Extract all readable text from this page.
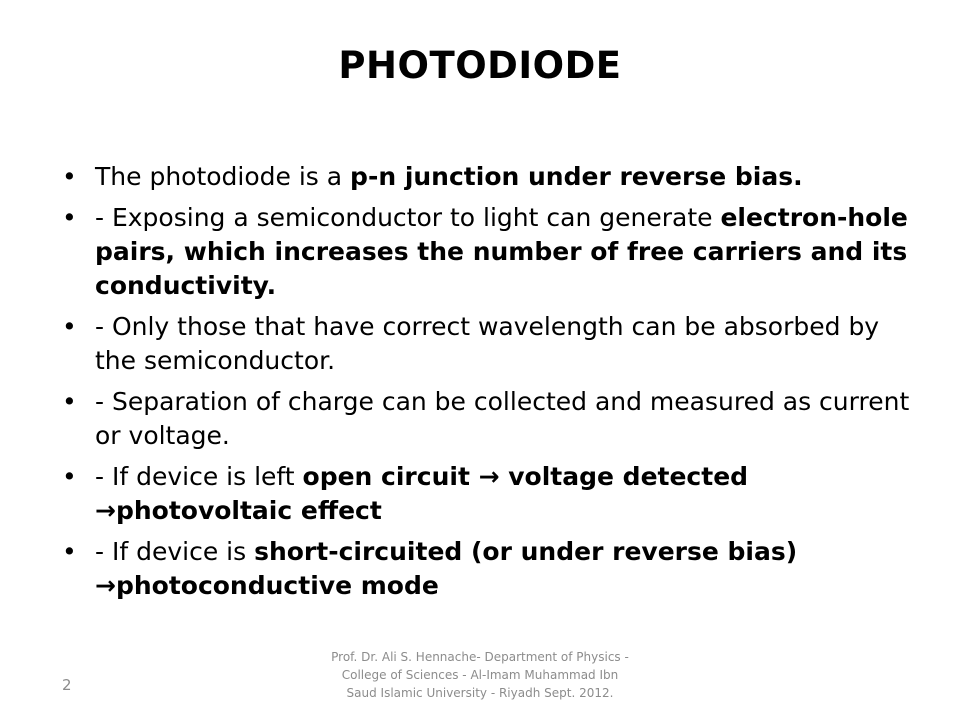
PHOTODIODE
• The photodiode is a p-n junction under reverse bias.
• - Exposing a semiconductor to light can generate electron-hole pairs, which increases the number of free carriers and its conductivity.
• - Only those that have correct wavelength can be absorbed by the semiconductor.
• - Separation of charge can be collected and measured as current or voltage.
• - If device is left open circuit → voltage detected →photovoltaic effect
• - If device is short-circuited (or under reverse bias) →photoconductive mode
Prof. Dr. Ali S. Hennache- Department of Physics - College of Sciences - Al-Imam Muhammad Ibn Saud Islamic University - Riyadh Sept. 2012.
2
